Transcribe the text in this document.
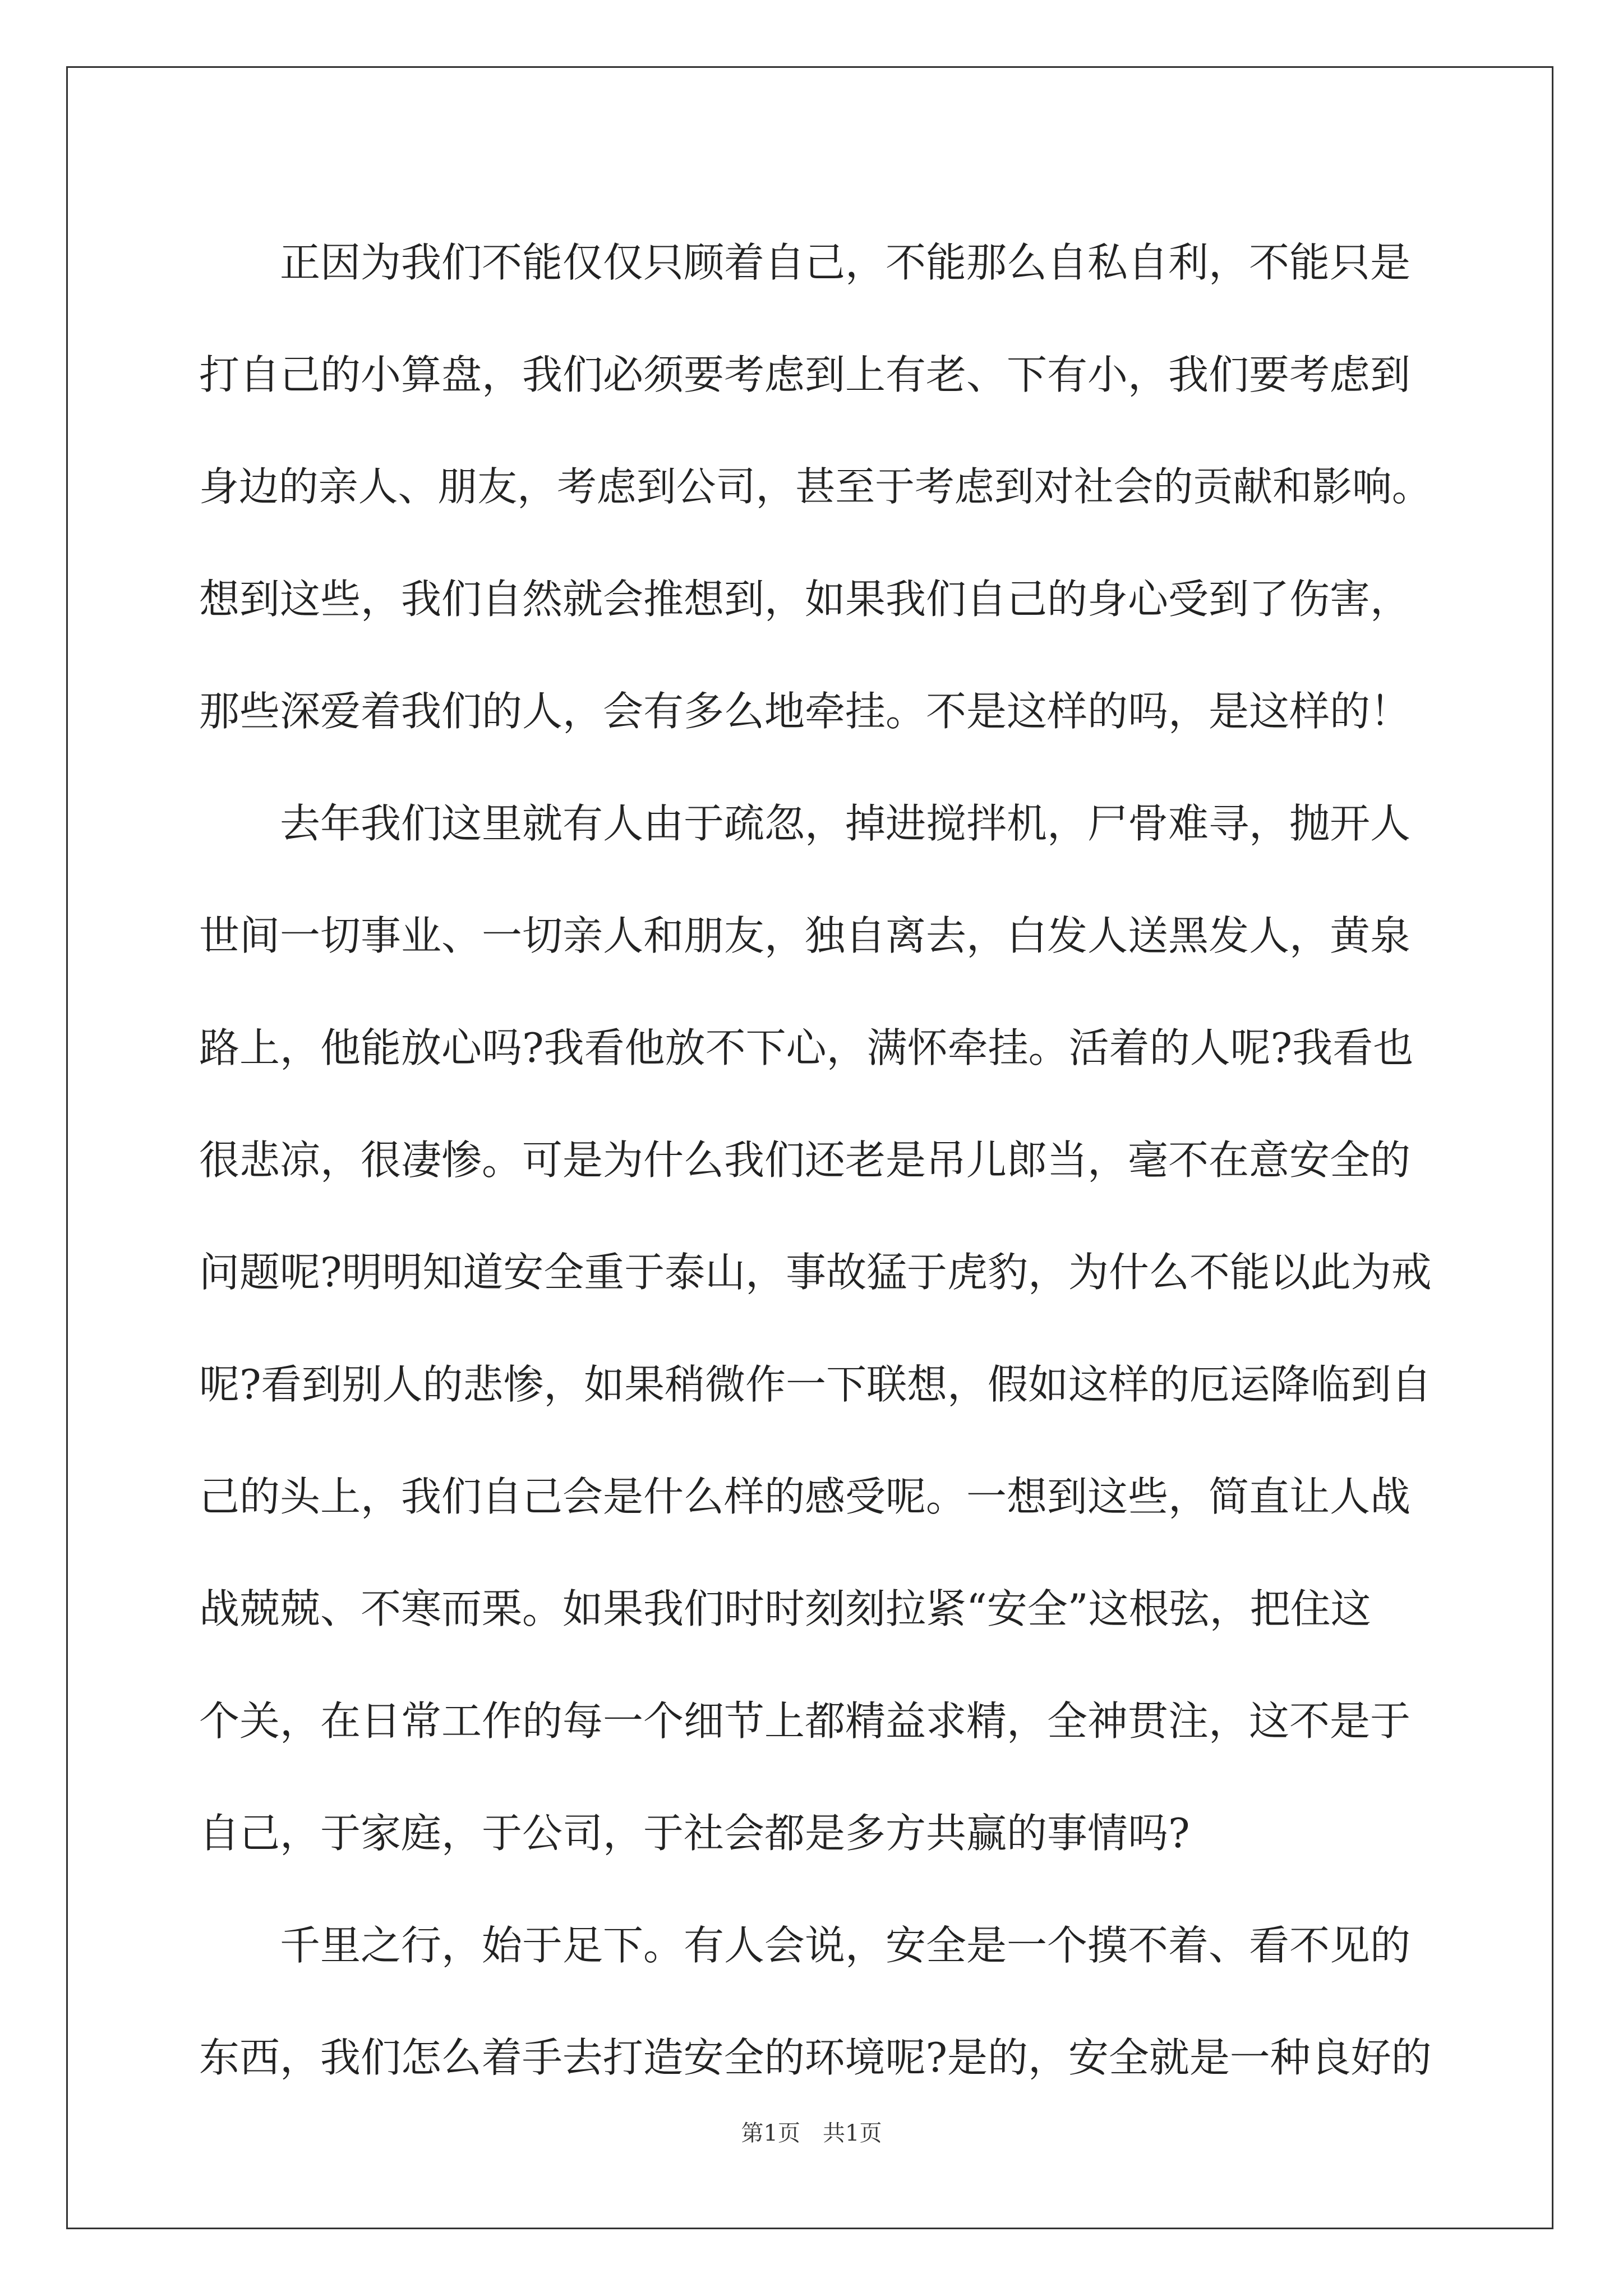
正因为我们不能仅仅只顾着自己，不能那么自私自利，不能只是
打自己的小算盘，我们必须要考虑到上有老、下有小，我们要考虑到
身边的亲人、朋友，考虑到公司，甚至于考虑到对社会的贡献和影响。
想到这些，我们自然就会推想到，如果我们自己的身心受到了伤害，
那些深爱着我们的人，会有多么地牵挂。不是这样的吗，是这样的！
去年我们这里就有人由于疏忽，掉进搅拌机，尸骨难寻，抛开人
世间一切事业、一切亲人和朋友，独自离去，白发人送黑发人，黄泉
路上，他能放心吗?我看他放不下心，满怀牵挂。活着的人呢?我看也
很悲凉，很凄惨。可是为什么我们还老是吊儿郎当，毫不在意安全的
问题呢?明明知道安全重于泰山，事故猛于虎豹，为什么不能以此为戒
呢?看到别人的悲惨，如果稍微作一下联想，假如这样的厄运降临到自
己的头上，我们自己会是什么样的感受呢。一想到这些，简直让人战
战兢兢、不寒而栗。如果我们时时刻刻拉紧“安全”这根弦，把住这
个关，在日常工作的每一个细节上都精益求精，全神贯注，这不是于
自己，于家庭，于公司，于社会都是多方共赢的事情吗?
千里之行，始于足下。有人会说，安全是一个摸不着、看不见的
东西，我们怎么着手去打造安全的环境呢?是的，安全就是一种良好的
第1页　共1页
